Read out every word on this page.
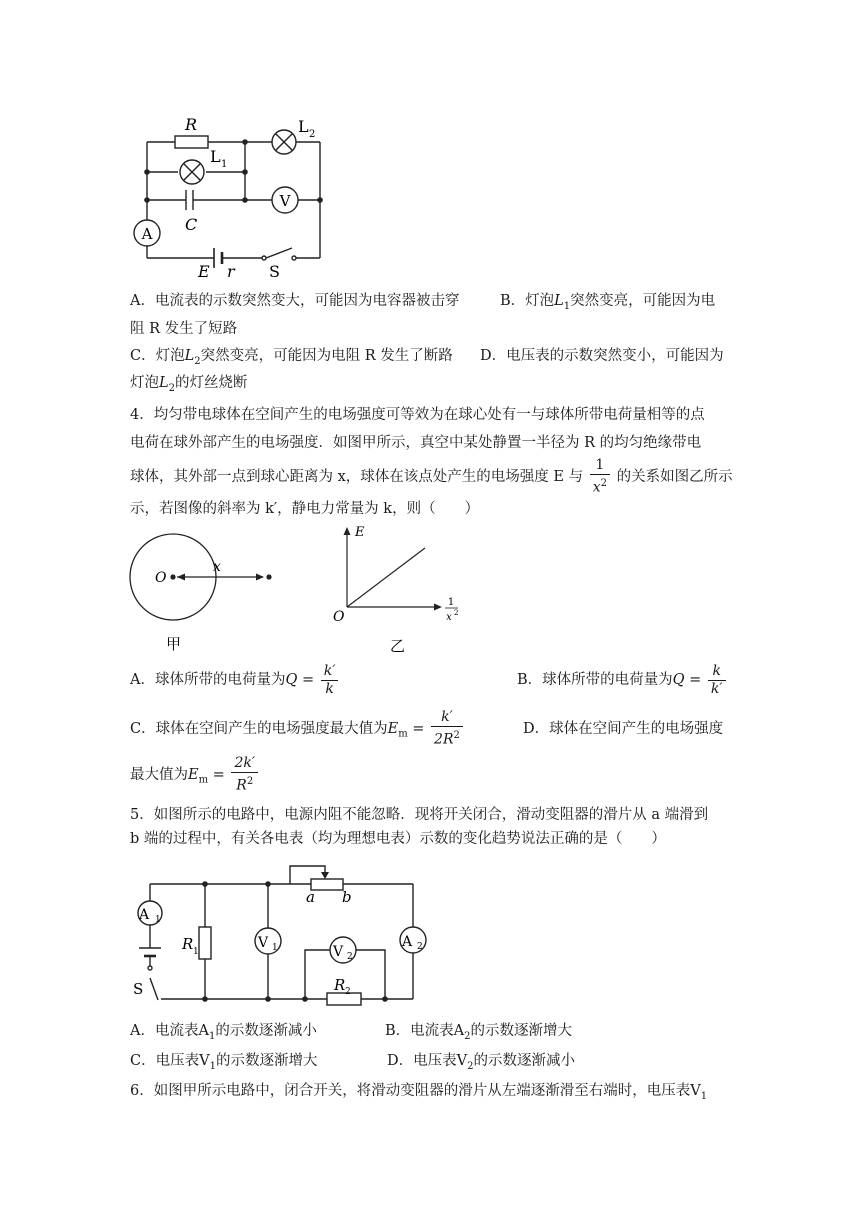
V
A
R	L 2
L 1
C
E r S
A．电流表的示数突然变大，可能因为电容器被击穿	B．灯泡$L_1$突然变亮，可能因为电
阻 R 发生了短路
C．灯泡$L_2$突然变亮，可能因为电阻 R 发生了断路 D．电压表的示数突然变小，可能因为
灯泡$L_2$的灯丝烧断
4．均匀带电球体在空间产生的电场强度可等效为在球心处有一与球体所带电荷量相等的点
电荷在球外部产生的电场强度．如图甲所示，真空中某处静置一半径为 R 的均匀绝缘带电
球体，其外部一点到球心距离为 x，球体在该点处产生的电场强度 E 与 $\frac{1}{x^2}$ 的关系如图乙所示
示，若图像的斜率为 k′，静电力常量为 k，则（　　）
O
x
甲
O
E
1
x 2
乙
A．球体所带的电荷量为$Q = \frac{k'}{k}$	B．球体所带的电荷量为$Q = \frac{k}{k'}$
C．球体在空间产生的电场强度最大值为$E_m = \frac{k'}{2R^2}$	D．球体在空间产生的电场强度
最大值为$E_m = \frac{2k'}{R^2}$
5．如图所示的电路中，电源内阻不能忽略．现将开关闭合，滑动变阻器的滑片从 a 端滑到
b 端的过程中，有关各电表（均为理想电表）示数的变化趋势说法正确的是（　　）
A 1
V 1	V 2
A 2
R 1
R 2
a b
S
A．电流表$A_1$的示数逐渐减小	B．电流表$A_2$的示数逐渐增大
C．电压表$V_1$的示数逐渐增大	D．电压表$V_2$的示数逐渐减小
6．如图甲所示电路中，闭合开关，将滑动变阻器的滑片从左端逐渐滑至右端时，电压表$V_1$
